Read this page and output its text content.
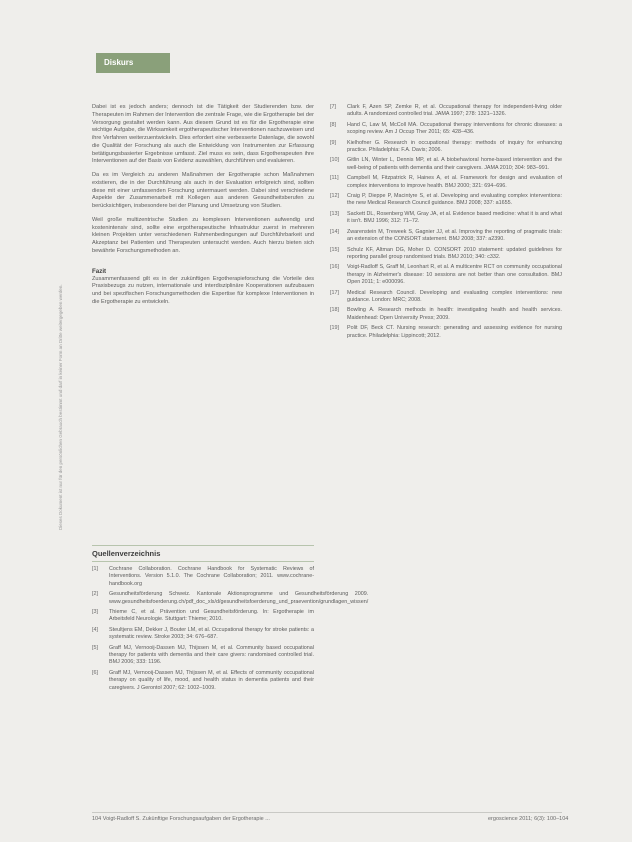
Diskurs
Dieses Dokument ist nur für den persönlichen Gebrauch bestimmt und darf in keiner Form an Dritte weitergegeben werden.

Dabei ist es jedoch anders; dennoch ist die Tätigkeit der Studierenden bzw. der Therapeuten im Rahmen der Intervention die zentrale Frage, wie die Ergotherapie bei der Versorgung gestaltet werden kann. Aus diesem Grund ist es für die Ergotherapie eine wichtige Aufgabe, die Wirksamkeit ergotherapeutischer Interventionen nachzuweisen und ihre Verfahren weiterzuentwickeln. Dies erfordert eine verbesserte Datenlage, die sowohl die Qualität der Forschung als auch die Entwicklung von Instrumenten zur Erfassung betätigungsbasierter Ergebnisse umfasst. Ziel muss es sein, dass Ergotherapeuten ihre Interventionen auf der Basis von Evidenz auswählen, durchführen und evaluieren.

Da es im Vergleich zu anderen Maßnahmen der Ergotherapie schon Maßnahmen existieren, die in der Durchführung als auch in der Evaluation erfolgreich sind, sollten diese mit einer umfassenden Forschung untermauert werden. Dabei sind verschiedene Aspekte der Zusammenarbeit mit Kollegen aus anderen Gesundheitsberufen zu berücksichtigen, insbesondere bei der Planung und Umsetzung von Studien.

Weil große multizentrische Studien zu komplexen Interventionen aufwendig und kostenintensiv sind, sollte eine ergotherapeutische Infrastruktur zuerst in mehreren kleinen Projekten unter verschiedenen Rahmenbedingungen auf Durchführbarkeit und Akzeptanz bei Patienten und Therapeuten untersucht werden. Auch hierzu bieten sich bewährte Forschungsmethoden an.

Fazit

Zusammenfassend gilt es in der zukünftigen Ergotherapieforschung die Vorteile des Praxisbezugs zu nutzen, internationale und interdisziplinäre Kooperationen aufzubauen und bei spezifischen Forschungsmethoden die Expertise für komplexe Interventionen in die Ergotherapie zu entwickeln.

Quellenverzeichnis

[1]	Cochrane Collaboration. Cochrane Handbook for Systematic Reviews of Interventions. Version 5.1.0. The Cochrane Collaboration; 2011. www.cochrane-handbook.org
[2]	Gesundheitsförderung Schweiz. Kantonale Aktionsprogramme und Gesundheitsförderung 2009. www.gesundheitsfoerderung.ch/pdf_doc_xls/d/gesundheitsfoerderung_und_praevention/grundlagen_wissen/
[3]	Thieme C, et al. Prävention und Gesundheitsförderung. In: Ergotherapie im Arbeitsfeld Neurologie. Stuttgart: Thieme; 2010.
[4]	Steultjens EM, Dekker J, Bouter LM, et al. Occupational therapy for stroke patients: a systematic review. Stroke 2003; 34: 676–687.
[5]	Graff MJ, Vernooij-Dassen MJ, Thijssen M, et al. Community based occupational therapy for patients with dementia and their care givers: randomised controlled trial. BMJ 2006; 333: 1196.
[6]	Graff MJ, Vernooij-Dassen MJ, Thijssen M, et al. Effects of community occupational therapy on quality of life, mood, and health status in dementia patients and their caregivers. J Gerontol 2007; 62: 1002–1009.
[7]	Clark F, Azen SP, Zemke R, et al. Occupational therapy for independent-living older adults. A randomized controlled trial. JAMA 1997; 278: 1321–1326.
[8]	Hand C, Law M, McColl MA. Occupational therapy interventions for chronic diseases: a scoping review. Am J Occup Ther 2011; 65: 428–436.
[9]	Kielhofner G. Research in occupational therapy: methods of inquiry for enhancing practice. Philadelphia: F.A. Davis; 2006.
[10]	Gitlin LN, Winter L, Dennis MP, et al. A biobehavioral home-based intervention and the well-being of patients with dementia and their caregivers. JAMA 2010; 304: 983–991.
[11]	Campbell M, Fitzpatrick R, Haines A, et al. Framework for design and evaluation of complex interventions to improve health. BMJ 2000; 321: 694–696.
[12]	Craig P, Dieppe P, Macintyre S, et al. Developing and evaluating complex interventions: the new Medical Research Council guidance. BMJ 2008; 337: a1655.
[13]	Sackett DL, Rosenberg WM, Gray JA, et al. Evidence based medicine: what it is and what it isn't. BMJ 1996; 312: 71–72.
[14]	Zwarenstein M, Treweek S, Gagnier JJ, et al. Improving the reporting of pragmatic trials: an extension of the CONSORT statement. BMJ 2008; 337: a2390.
[15]	Schulz KF, Altman DG, Moher D. CONSORT 2010 statement: updated guidelines for reporting parallel group randomised trials. BMJ 2010; 340: c332.
[16]	Voigt-Radloff S, Graff M, Leonhart R, et al. A multicentre RCT on community occupational therapy in Alzheimer's disease: 10 sessions are not better than one consultation. BMJ Open 2011; 1: e000096.
[17]	Medical Research Council. Developing and evaluating complex interventions: new guidance. London: MRC; 2008.
[18]	Bowling A. Research methods in health: investigating health and health services. Maidenhead: Open University Press; 2009.
[19]	Polit DF, Beck CT. Nursing research: generating and assessing evidence for nursing practice. Philadelphia: Lippincott; 2012.
104 Voigt-Radloff S. Zukünftige Forschungsaufgaben der Ergotherapie ...	ergoscience 2011; 6(3): 100–104
